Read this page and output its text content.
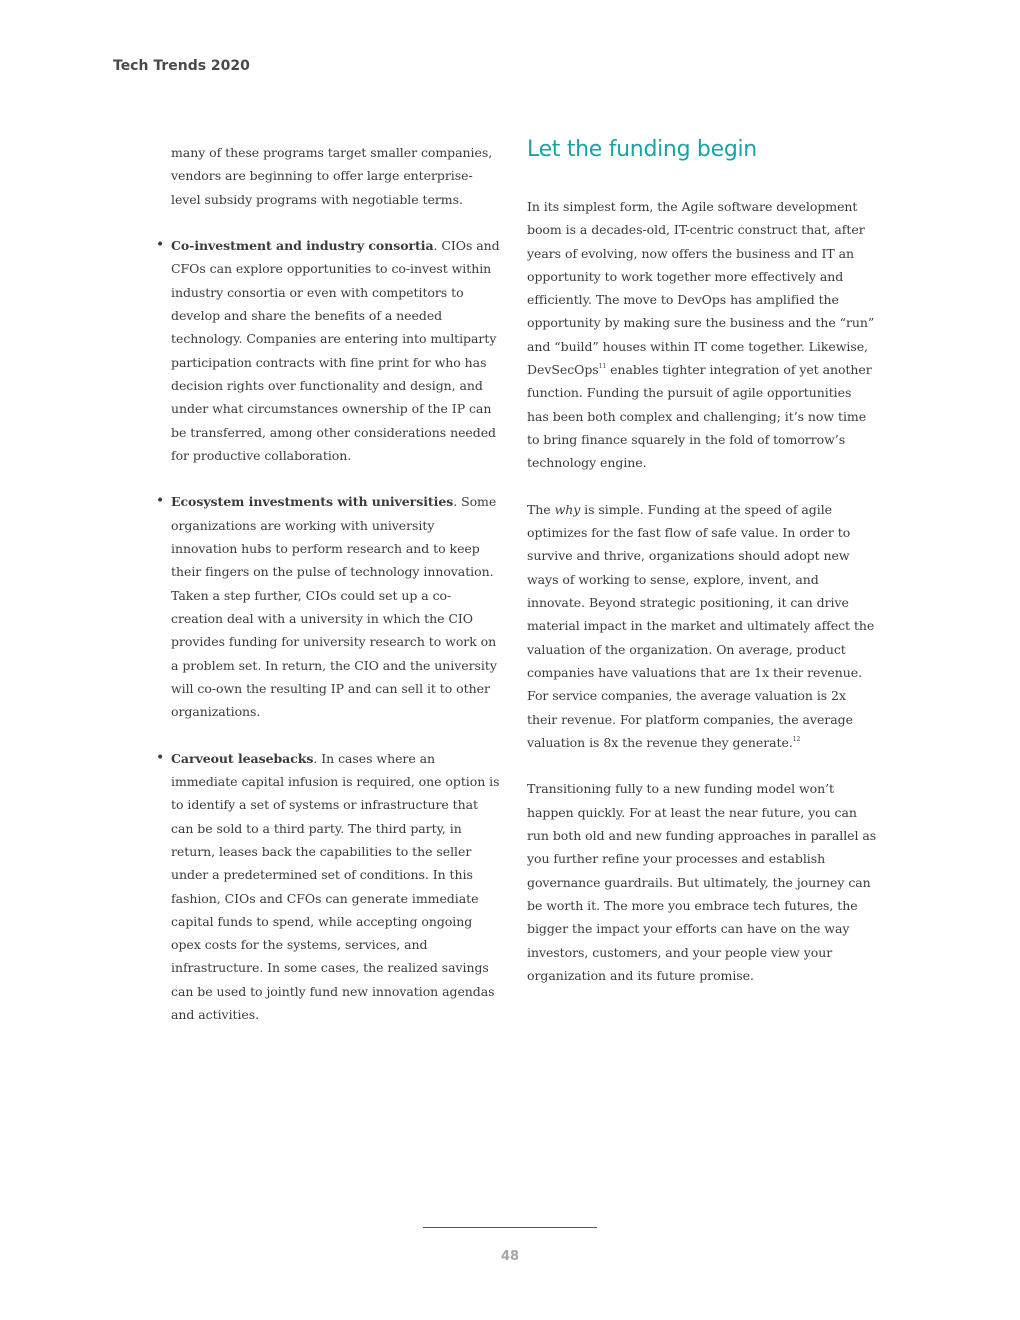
Tech Trends 2020

many of these programs target smaller companies, vendors are beginning to offer large enterprise-level subsidy programs with negotiable terms.

• Co-investment and industry consortia. CIOs and CFOs can explore opportunities to co-invest within industry consortia or even with competitors to develop and share the benefits of a needed technology. Companies are entering into multiparty participation contracts with fine print for who has decision rights over functionality and design, and under what circumstances ownership of the IP can be transferred, among other considerations needed for productive collaboration.
• Ecosystem investments with universities. Some organizations are working with university innovation hubs to perform research and to keep their fingers on the pulse of technology innovation. Taken a step further, CIOs could set up a co-creation deal with a university in which the CIO provides funding for university research to work on a problem set. In return, the CIO and the university will co-own the resulting IP and can sell it to other organizations.
• Carveout leasebacks. In cases where an immediate capital infusion is required, one option is to identify a set of systems or infrastructure that can be sold to a third party. The third party, in return, leases back the capabilities to the seller under a predetermined set of conditions. In this fashion, CIOs and CFOs can generate immediate capital funds to spend, while accepting ongoing opex costs for the systems, services, and infrastructure. In some cases, the realized savings can be used to jointly fund new innovation agendas and activities.
Let the funding begin

In its simplest form, the Agile software development boom is a decades-old, IT-centric construct that, after years of evolving, now offers the business and IT an opportunity to work together more effectively and efficiently. The move to DevOps has amplified the opportunity by making sure the business and the “run” and “build” houses within IT come together. Likewise, DevSecOps$^{11}$ enables tighter integration of yet another function. Funding the pursuit of agile opportunities has been both complex and challenging; it’s now time to bring finance squarely in the fold of tomorrow’s technology engine.

The why is simple. Funding at the speed of agile optimizes for the fast flow of safe value. In order to survive and thrive, organizations should adopt new ways of working to sense, explore, invent, and innovate. Beyond strategic positioning, it can drive material impact in the market and ultimately affect the valuation of the organization. On average, product companies have valuations that are 1x their revenue. For service companies, the average valuation is 2x their revenue. For platform companies, the average valuation is 8x the revenue they generate.$^{12}$

Transitioning fully to a new funding model won’t happen quickly. For at least the near future, you can run both old and new funding approaches in parallel as you further refine your processes and establish governance guardrails. But ultimately, the journey can be worth it. The more you embrace tech futures, the bigger the impact your efforts can have on the way investors, customers, and your people view your organization and its future promise.

48
